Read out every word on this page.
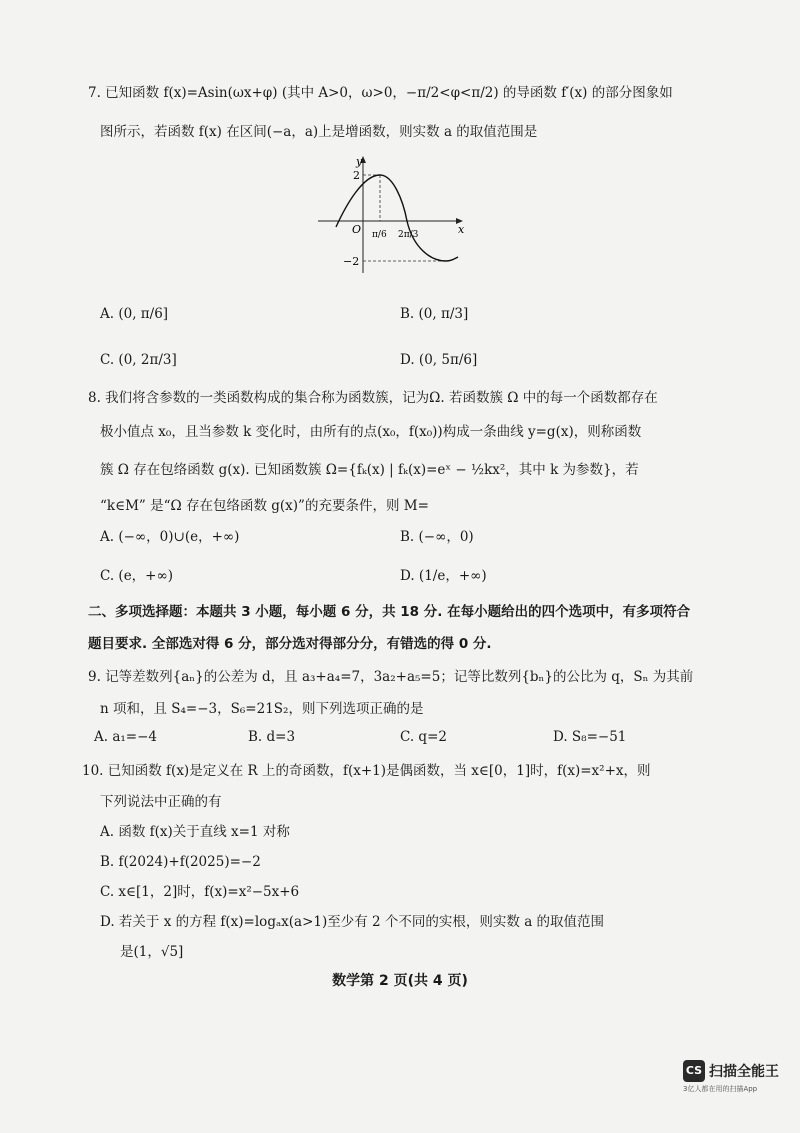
7. 已知函数 f(x)=Asin(ωx+φ) (其中 A>0，ω>0，−π/2<φ<π/2) 的导函数 f′(x) 的部分图象如
图所示，若函数 f(x) 在区间(−a，a)上是增函数，则实数 a 的取值范围是
y
x
O
2
−2
π/6 2π/3
A. (0, π/6]	B. (0, π/3]
C. (0, 2π/3]	D. (0, 5π/6]
8. 我们将含参数的一类函数构成的集合称为函数簇，记为Ω. 若函数簇 Ω 中的每一个函数都存在
极小值点 x₀，且当参数 k 变化时，由所有的点(x₀，f(x₀))构成一条曲线 y=g(x)，则称函数
簇 Ω 存在包络函数 g(x). 已知函数簇 Ω={fₖ(x) | fₖ(x)=eˣ − ½kx²，其中 k 为参数}，若
“k∈M” 是“Ω 存在包络函数 g(x)”的充要条件，则 M=
A. (−∞，0)∪(e，+∞)	B. (−∞，0)
C. (e，+∞)	D. (1/e，+∞)
二、多项选择题：本题共 3 小题，每小题 6 分，共 18 分. 在每小题给出的四个选项中，有多项符合
题目要求. 全部选对得 6 分，部分选对得部分分，有错选的得 0 分.
9. 记等差数列{aₙ}的公差为 d，且 a₃+a₄=7，3a₂+a₅=5；记等比数列{bₙ}的公比为 q，Sₙ 为其前
n 项和，且 S₄=−3，S₆=21S₂，则下列选项正确的是
A. a₁=−4	B. d=3	C. q=2	D. S₈=−51
10. 已知函数 f(x)是定义在 R 上的奇函数，f(x+1)是偶函数，当 x∈[0，1]时，f(x)=x²+x，则
下列说法中正确的有
A. 函数 f(x)关于直线 x=1 对称
B. f(2024)+f(2025)=−2
C. x∈[1，2]时，f(x)=x²−5x+6
D. 若关于 x 的方程 f(x)=logₐx(a>1)至少有 2 个不同的实根，则实数 a 的取值范围
是(1，√5]
数学第 2 页(共 4 页)
CS 扫描全能王
3亿人都在用的扫描App
